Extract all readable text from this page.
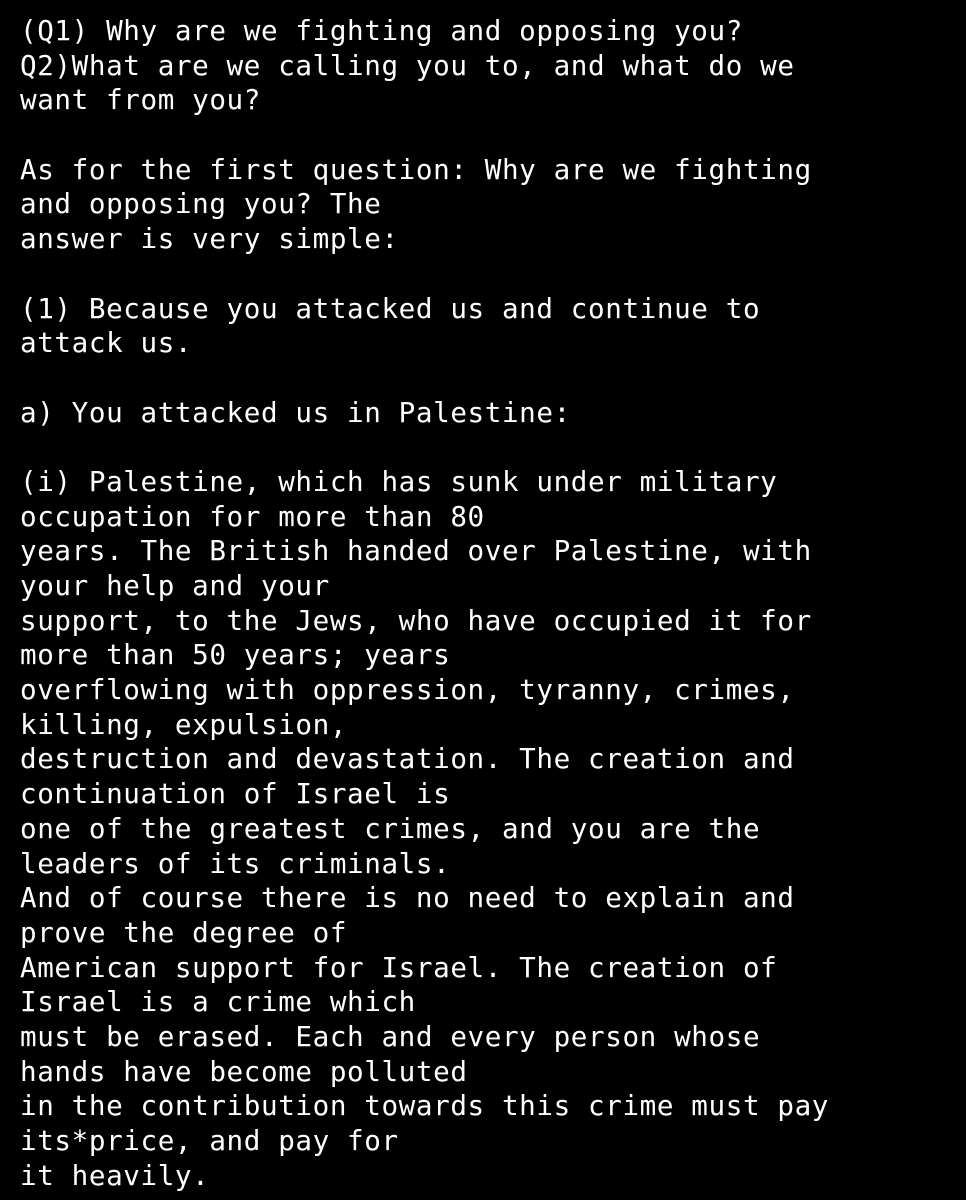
(Q1) Why are we fighting and opposing you?
Q2)What are we calling you to, and what do we
want from you?
As for the first question: Why are we fighting
and opposing you? The
answer is very simple:
(1) Because you attacked us and continue to
attack us.
a) You attacked us in Palestine:
(i) Palestine, which has sunk under military
occupation for more than 80
years. The British handed over Palestine, with
your help and your
support, to the Jews, who have occupied it for
more than 50 years; years
overflowing with oppression, tyranny, crimes,
killing, expulsion,
destruction and devastation. The creation and
continuation of Israel is
one of the greatest crimes, and you are the
leaders of its criminals.
And of course there is no need to explain and
prove the degree of
American support for Israel. The creation of
Israel is a crime which
must be erased. Each and every person whose
hands have become polluted
in the contribution towards this crime must pay
its*price, and pay for
it heavily.
